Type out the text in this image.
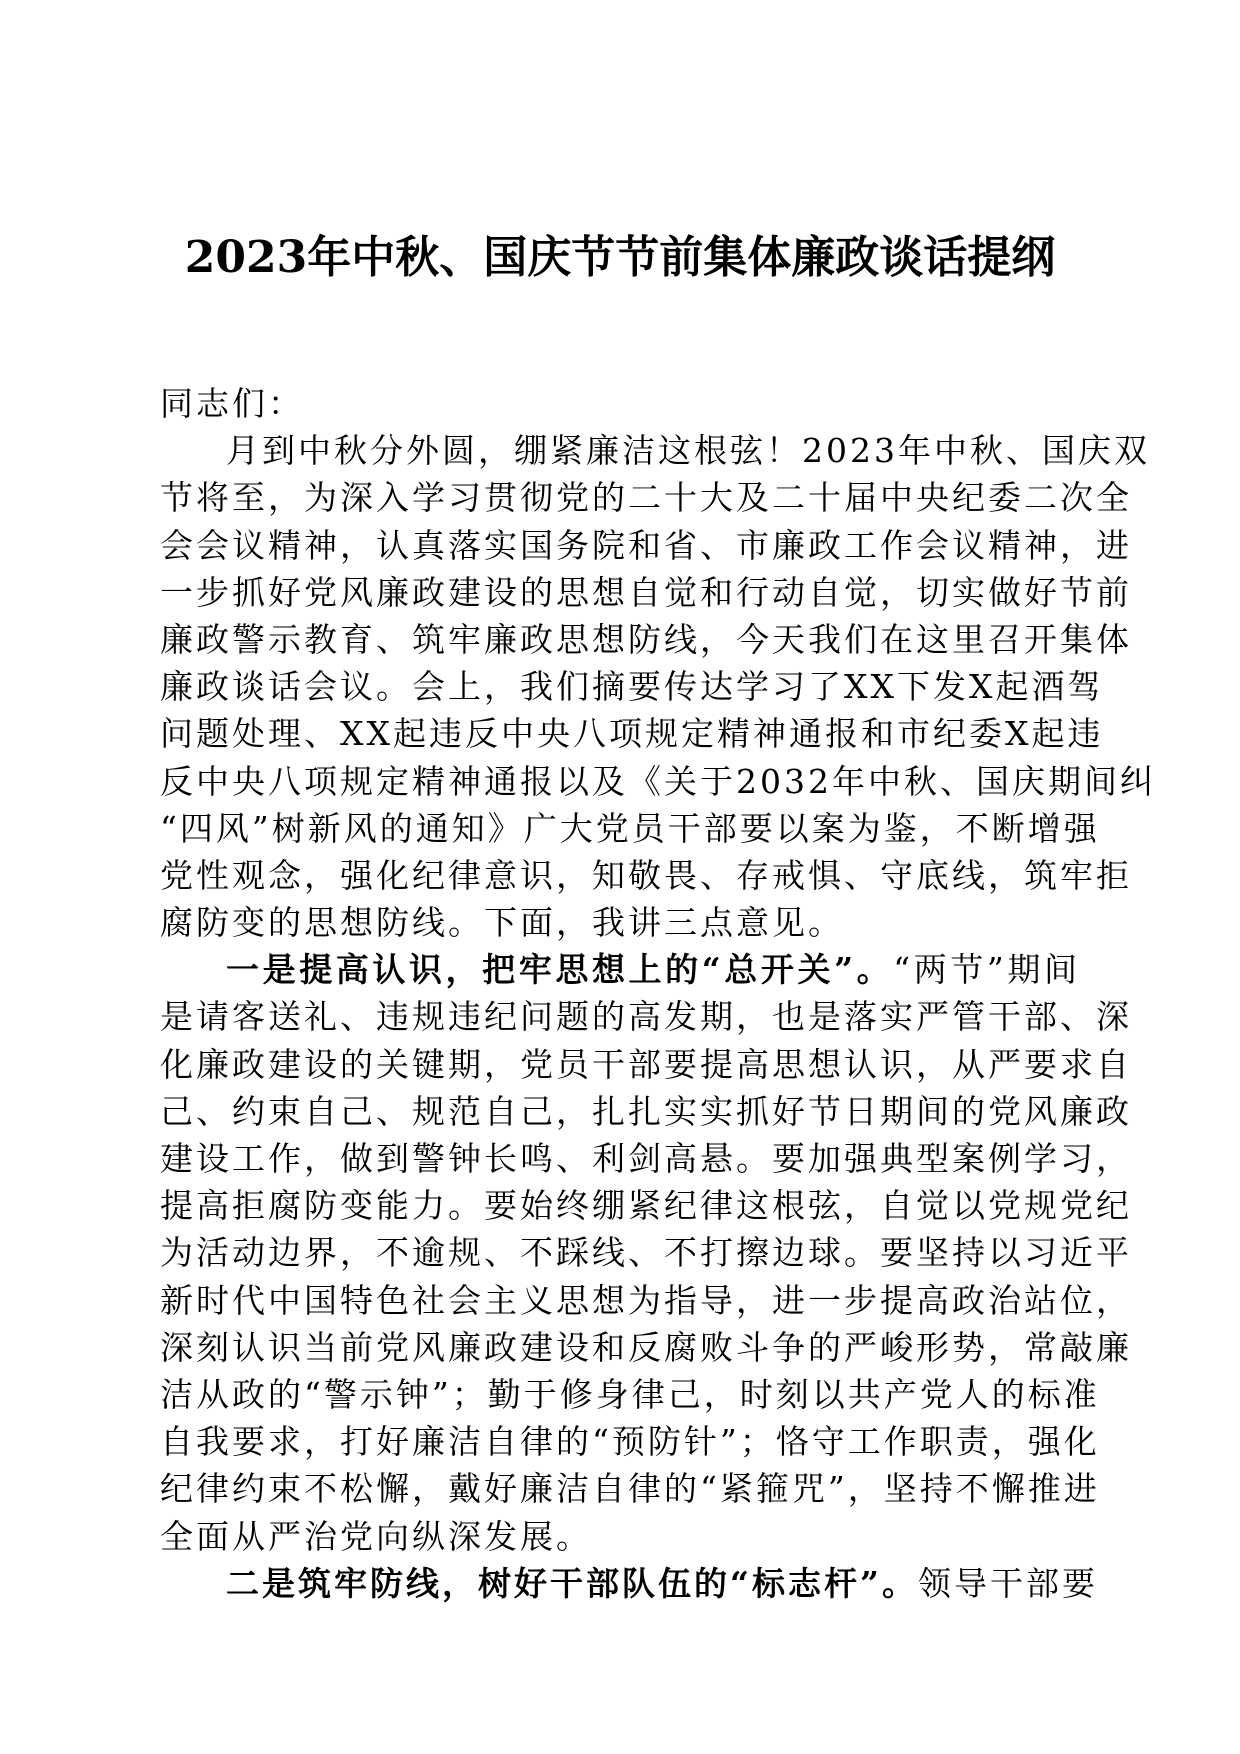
2023年中秋、国庆节节前集体廉政谈话提纲
同志们：
月到中秋分外圆，绷紧廉洁这根弦！2023年中秋、国庆双
节将至，为深入学习贯彻党的二十大及二十届中央纪委二次全
会会议精神，认真落实国务院和省、市廉政工作会议精神，进
一步抓好党风廉政建设的思想自觉和行动自觉，切实做好节前
廉政警示教育、筑牢廉政思想防线，今天我们在这里召开集体
廉政谈话会议。会上，我们摘要传达学习了XX下发X起酒驾
问题处理、XX起违反中央八项规定精神通报和市纪委X起违
反中央八项规定精神通报以及《关于2032年中秋、国庆期间纠
“四风”树新风的通知》广大党员干部要以案为鉴，不断增强
党性观念，强化纪律意识，知敬畏、存戒惧、守底线，筑牢拒
腐防变的思想防线。下面，我讲三点意见。
一是提高认识，把牢思想上的“总开关”。“两节”期间
是请客送礼、违规违纪问题的高发期，也是落实严管干部、深
化廉政建设的关键期，党员干部要提高思想认识，从严要求自
己、约束自己、规范自己，扎扎实实抓好节日期间的党风廉政
建设工作，做到警钟长鸣、利剑高悬。要加强典型案例学习，
提高拒腐防变能力。要始终绷紧纪律这根弦，自觉以党规党纪
为活动边界，不逾规、不踩线、不打擦边球。要坚持以习近平
新时代中国特色社会主义思想为指导，进一步提高政治站位，
深刻认识当前党风廉政建设和反腐败斗争的严峻形势，常敲廉
洁从政的“警示钟”；勤于修身律己，时刻以共产党人的标准
自我要求，打好廉洁自律的“预防针”；恪守工作职责，强化
纪律约束不松懈，戴好廉洁自律的“紧箍咒”，坚持不懈推进
全面从严治党向纵深发展。
二是筑牢防线，树好干部队伍的“标志杆”。领导干部要
